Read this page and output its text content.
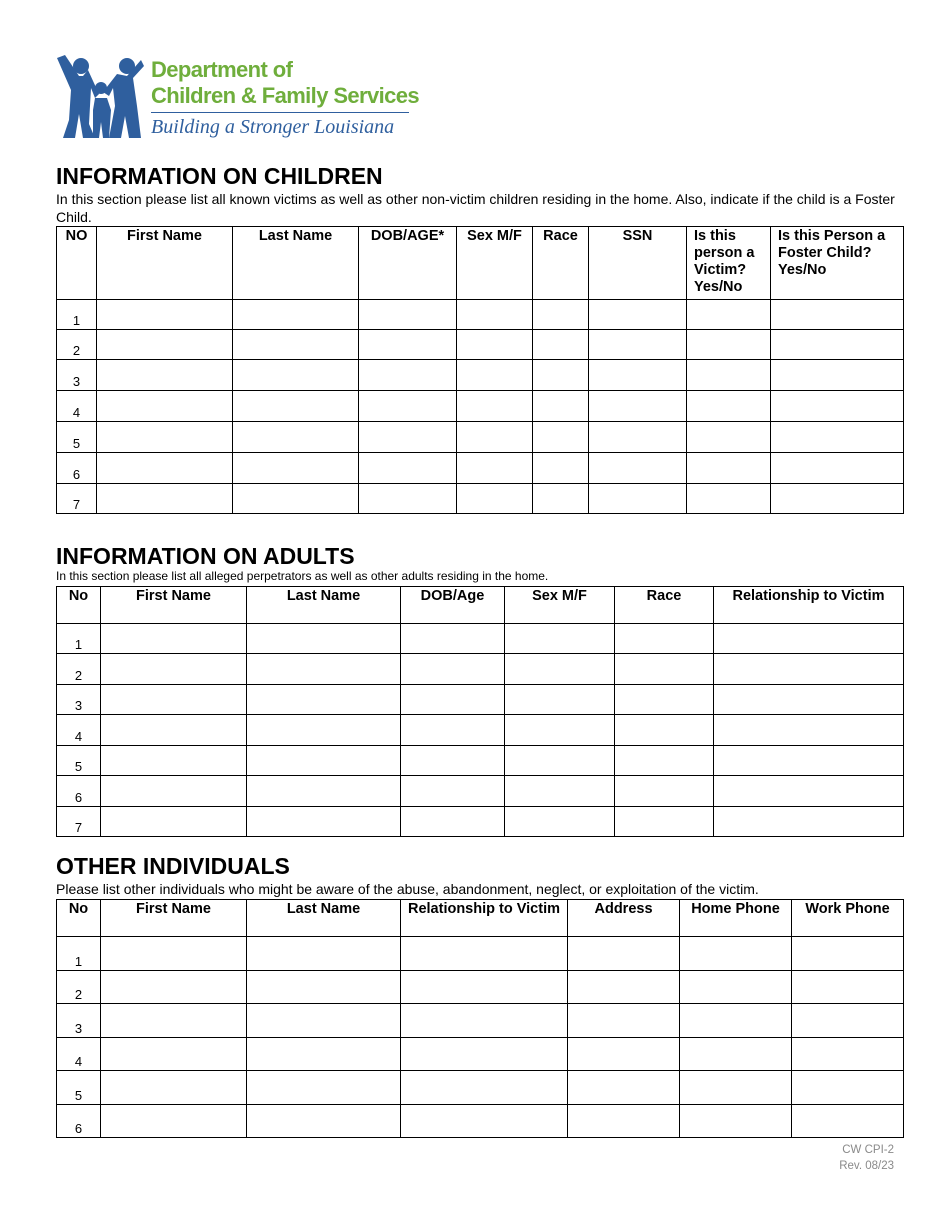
Department of
Children & Family Services
Building a Stronger Louisiana
INFORMATION ON CHILDREN

In this section please list all known victims as well as other non-victim children residing in the home. Also, indicate if the child is a Foster Child.

NO	First Name	Last Name	DOB/AGE*	Sex M/F	Race	SSN	Is this person a Victim? Yes/No	Is this Person a Foster Child? Yes/No
1								
2								
3								
4								
5								
6								
7								
INFORMATION ON ADULTS

In this section please list all alleged perpetrators as well as other adults residing in the home.

No	First Name	Last Name	DOB/Age	Sex M/F	Race	Relationship to Victim
1						
2						
3						
4						
5						
6						
7						
OTHER INDIVIDUALS

Please list other individuals who might be aware of the abuse, abandonment, neglect, or exploitation of the victim.

No	First Name	Last Name	Relationship to Victim	Address	Home Phone	Work Phone
1						
2						
3						
4						
5						
6						
CW CPI-2
Rev. 08/23
